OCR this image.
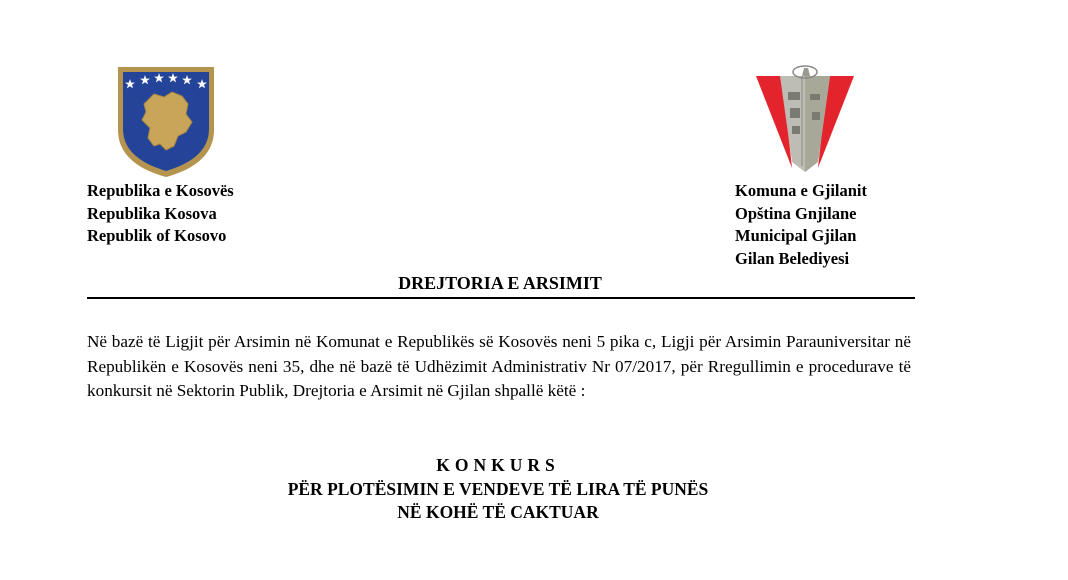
Republika e Kosovës
Republika Kosova
Republik of Kosovo
Komuna e Gjilanit
Opština Gnjilane
Municipal Gjilan
Gilan Belediyesi
DREJTORIA E ARSIMIT
Në bazë të Ligjit për Arsimin në Komunat e Republikës së Kosovës neni 5 pika c, Ligji për Arsimin Parauniversitar në Republikën e Kosovës neni 35, dhe në bazë të Udhëzimit Administrativ Nr 07/2017, për Rregullimin e procedurave të konkursit në Sektorin Publik, Drejtoria e Arsimit në Gjilan shpallë këtë :
KONKURS
PËR PLOTËSIMIN E VENDEVE TË LIRA TË PUNËS
NË KOHË TË CAKTUAR
